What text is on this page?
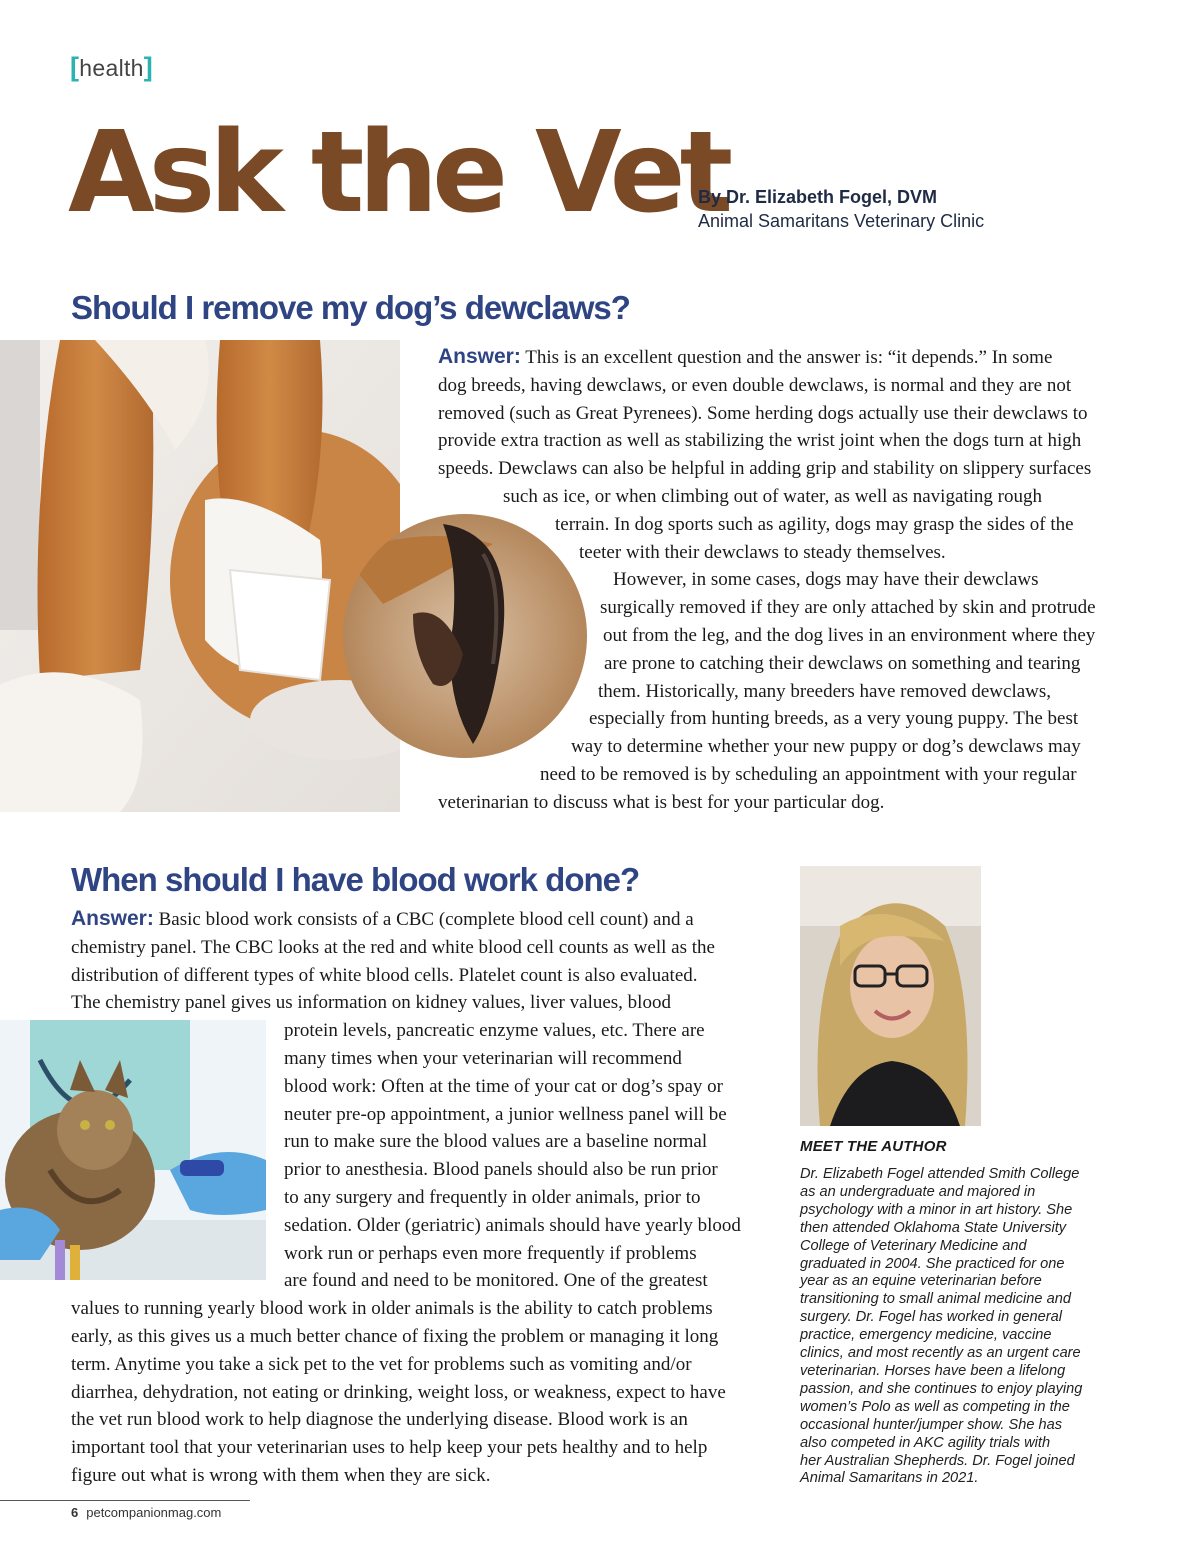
[health]
Ask the Vet
By Dr. Elizabeth Fogel, DVM
Animal Samaritans Veterinary Clinic
Should I remove my dog’s dewclaws?
Answer: This is an excellent question and the answer is: “it depends.” In some
dog breeds, having dewclaws, or even double dewclaws, is normal and they are not
removed (such as Great Pyrenees). Some herding dogs actually use their dewclaws to
provide extra traction as well as stabilizing the wrist joint when the dogs turn at high
speeds. Dewclaws can also be helpful in adding grip and stability on slippery surfaces
such as ice, or when climbing out of water, as well as navigating rough
terrain. In dog sports such as agility, dogs may grasp the sides of the
teeter with their dewclaws to steady themselves.
However, in some cases, dogs may have their dewclaws
surgically removed if they are only attached by skin and protrude
out from the leg, and the dog lives in an environment where they
are prone to catching their dewclaws on something and tearing
them. Historically, many breeders have removed dewclaws,
especially from hunting breeds, as a very young puppy. The best
way to determine whether your new puppy or dog’s dewclaws may
need to be removed is by scheduling an appointment with your regular
veterinarian to discuss what is best for your particular dog.
When should I have blood work done?
Answer: Basic blood work consists of a CBC (complete blood cell count) and a
chemistry panel. The CBC looks at the red and white blood cell counts as well as the
distribution of different types of white blood cells. Platelet count is also evaluated.
The chemistry panel gives us information on kidney values, liver values, blood
protein levels, pancreatic enzyme values, etc. There are
many times when your veterinarian will recommend
blood work: Often at the time of your cat or dog’s spay or
neuter pre-op appointment, a junior wellness panel will be
run to make sure the blood values are a baseline normal
prior to anesthesia. Blood panels should also be run prior
to any surgery and frequently in older animals, prior to
sedation. Older (geriatric) animals should have yearly blood
work run or perhaps even more frequently if problems
are found and need to be monitored. One of the greatest
values to running yearly blood work in older animals is the ability to catch problems
early, as this gives us a much better chance of fixing the problem or managing it long
term. Anytime you take a sick pet to the vet for problems such as vomiting and/or
diarrhea, dehydration, not eating or drinking, weight loss, or weakness, expect to have
the vet run blood work to help diagnose the underlying disease. Blood work is an
important tool that your veterinarian uses to help keep your pets healthy and to help
figure out what is wrong with them when they are sick.
MEET THE AUTHOR
Dr. Elizabeth Fogel attended Smith College
as an undergraduate and majored in
psychology with a minor in art history. She
then attended Oklahoma State University
College of Veterinary Medicine and
graduated in 2004. She practiced for one
year as an equine veterinarian before
transitioning to small animal medicine and
surgery. Dr. Fogel has worked in general
practice, emergency medicine, vaccine
clinics, and most recently as an urgent care
veterinarian. Horses have been a lifelong
passion, and she continues to enjoy playing
women’s Polo as well as competing in the
occasional hunter/jumper show. She has
also competed in AKC agility trials with
her Australian Shepherds. Dr. Fogel joined
Animal Samaritans in 2021.
6 petcompanionmag.com
